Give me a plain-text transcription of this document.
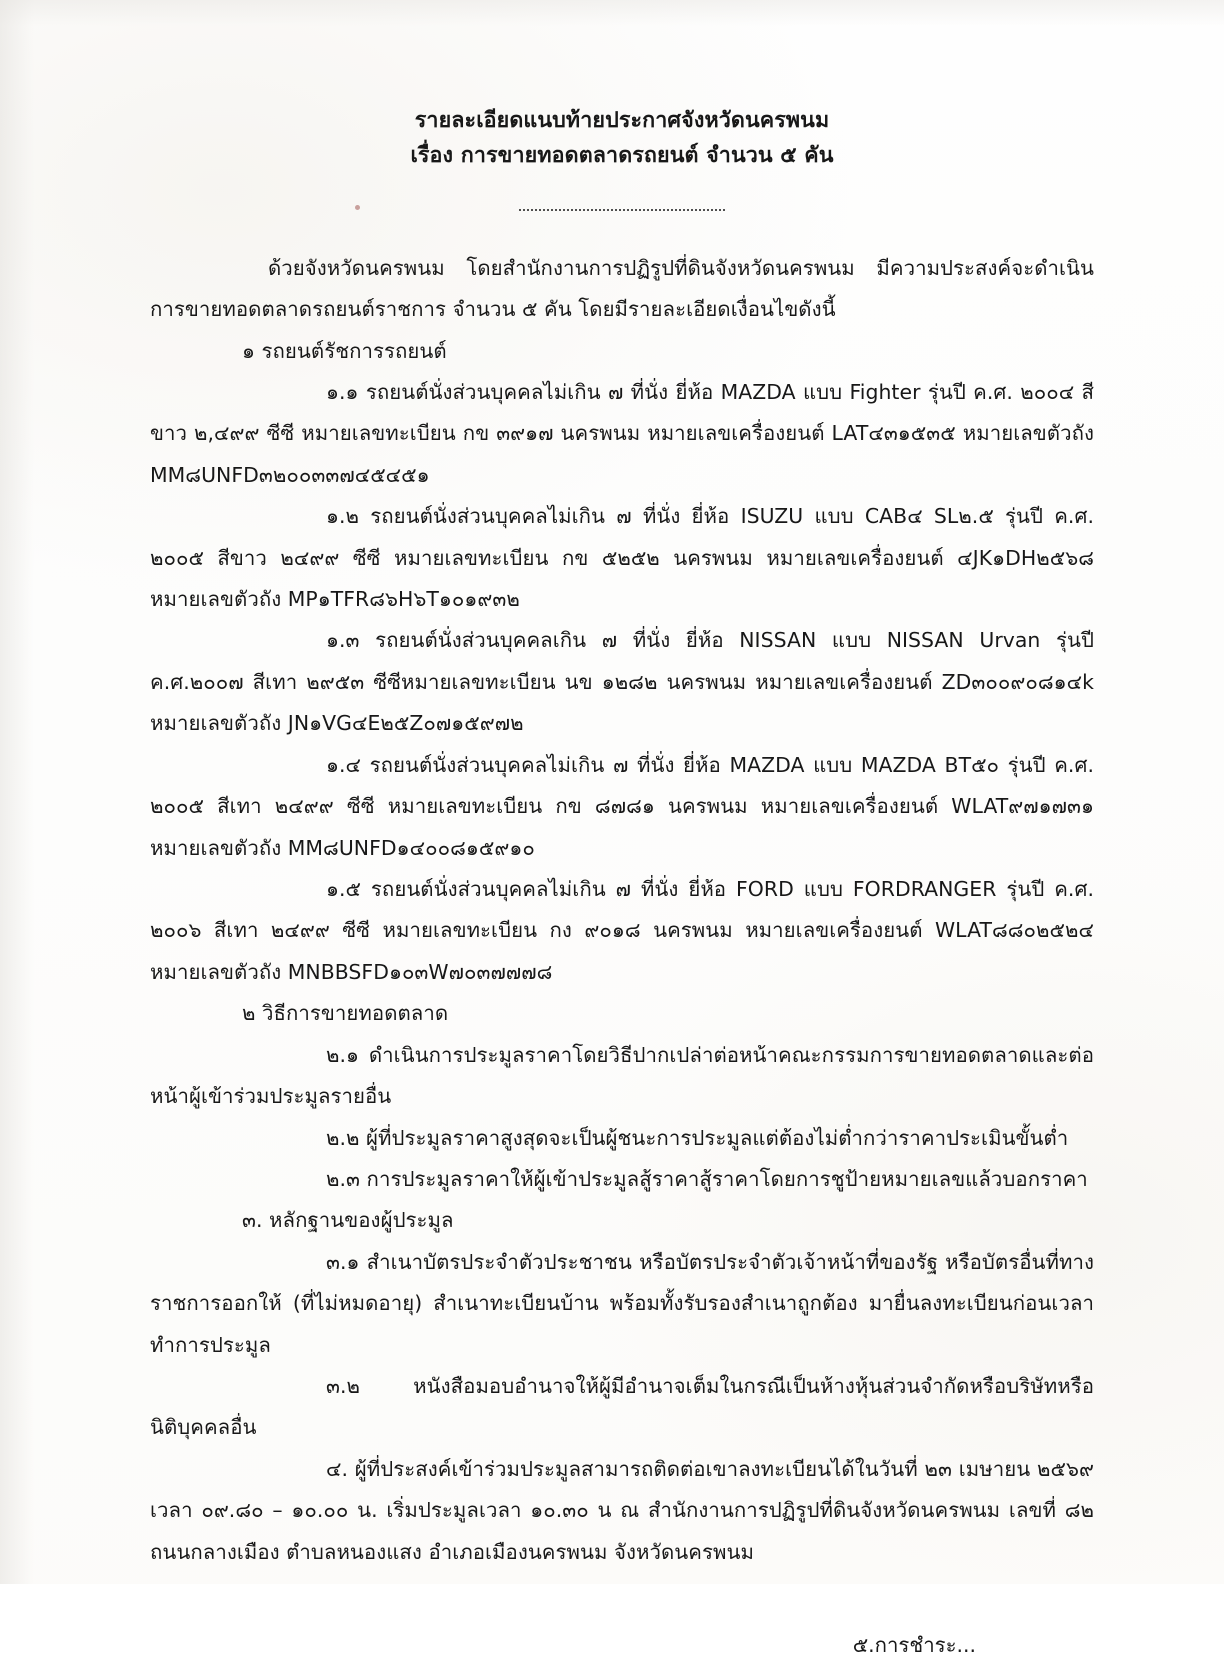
รายละเอียดแนบท้ายประกาศจังหวัดนครพนม
เรื่อง การขายทอดตลาดรถยนต์ จำนวน ๕ คัน

ด้วยจังหวัดนครพนม โดยสำนักงานการปฏิรูปที่ดินจังหวัดนครพนม มีความประสงค์จะดำเนินการขายทอดตลาดรถยนต์ราชการ จำนวน ๕ คัน โดยมีรายละเอียดเงื่อนไขดังนี้

๑ รถยนต์รัชการรถยนต์

๑.๑ รถยนต์นั่งส่วนบุคคลไม่เกิน ๗ ที่นั่ง ยี่ห้อ MAZDA แบบ Fighter รุ่นปี ค.ศ. ๒๐๐๔ สีขาว ๒,๔๙๙ ซีซี หมายเลขทะเบียน กข ๓๙๑๗ นครพนม หมายเลขเครื่องยนต์ LAT๔๓๑๕๓๕ หมายเลขตัวถัง MM๘UNFD๓๒๐๐๓๓๗๔๕๔๕๑

๑.๒ รถยนต์นั่งส่วนบุคคลไม่เกิน ๗ ที่นั่ง ยี่ห้อ ISUZU แบบ CAB๔ SL๒.๕ รุ่นปี ค.ศ. ๒๐๐๕ สีขาว ๒๔๙๙ ซีซี หมายเลขทะเบียน กข ๕๒๕๒ นครพนม หมายเลขเครื่องยนต์ ๔JK๑DH๒๕๖๘ หมายเลขตัวถัง MP๑TFR๘๖H๖T๑๐๑๙๓๒

๑.๓ รถยนต์นั่งส่วนบุคคลเกิน ๗ ที่นั่ง ยี่ห้อ NISSAN แบบ NISSAN Urvan รุ่นปี ค.ศ.๒๐๐๗ สีเทา ๒๙๕๓ ซีซีหมายเลขทะเบียน นข ๑๒๘๒ นครพนม หมายเลขเครื่องยนต์ ZD๓๐๐๙๐๘๑๔k หมายเลขตัวถัง JN๑VG๔E๒๕Z๐๗๑๕๙๗๒

๑.๔ รถยนต์นั่งส่วนบุคคลไม่เกิน ๗ ที่นั่ง ยี่ห้อ MAZDA แบบ MAZDA BT๕๐ รุ่นปี ค.ศ. ๒๐๐๕ สีเทา ๒๔๙๙ ซีซี หมายเลขทะเบียน กข ๘๗๘๑ นครพนม หมายเลขเครื่องยนต์ WLAT๙๗๑๗๓๑ หมายเลขตัวถัง MM๘UNFD๑๔๐๐๘๑๕๙๑๐

๑.๕ รถยนต์นั่งส่วนบุคคลไม่เกิน ๗ ที่นั่ง ยี่ห้อ FORD แบบ FORDRANGER รุ่นปี ค.ศ. ๒๐๐๖ สีเทา ๒๔๙๙ ซีซี หมายเลขทะเบียน กง ๙๐๑๘ นครพนม หมายเลขเครื่องยนต์ WLAT๘๘๐๒๕๒๔ หมายเลขตัวถัง MNBBSFD๑๐๓W๗๐๓๗๗๗๘

๒ วิธีการขายทอดตลาด

๒.๑ ดำเนินการประมูลราคาโดยวิธีปากเปล่าต่อหน้าคณะกรรมการขายทอดตลาดและต่อหน้าผู้เข้าร่วมประมูลรายอื่น

๒.๒ ผู้ที่ประมูลราคาสูงสุดจะเป็นผู้ชนะการประมูลแต่ต้องไม่ต่ำกว่าราคาประเมินขั้นต่ำ

๒.๓ การประมูลราคาให้ผู้เข้าประมูลสู้ราคาสู้ราคาโดยการชูป้ายหมายเลขแล้วบอกราคา

๓. หลักฐานของผู้ประมูล

๓.๑ สำเนาบัตรประจำตัวประชาชน หรือบัตรประจำตัวเจ้าหน้าที่ของรัฐ หรือบัตรอื่นที่ทางราชการออกให้ (ที่ไม่หมดอายุ) สำเนาทะเบียนบ้าน พร้อมทั้งรับรองสำเนาถูกต้อง มายื่นลงทะเบียนก่อนเวลาทำการประมูล

๓.๒ หนังสือมอบอำนาจให้ผู้มีอำนาจเต็มในกรณีเป็นห้างหุ้นส่วนจำกัดหรือบริษัทหรือนิติบุคคลอื่น

๔. ผู้ที่ประสงค์เข้าร่วมประมูลสามารถติดต่อเขาลงทะเบียนได้ในวันที่ ๒๓ เมษายน ๒๕๖๙ เวลา ๐๙.๘๐ – ๑๐.๐๐ น. เริ่มประมูลเวลา ๑๐.๓๐ น ณ สำนักงานการปฏิรูปที่ดินจังหวัดนครพนม เลขที่ ๘๒ ถนนกลางเมือง ตำบลหนองแสง อำเภอเมืองนครพนม จังหวัดนครพนม

๕.การชำระ...
